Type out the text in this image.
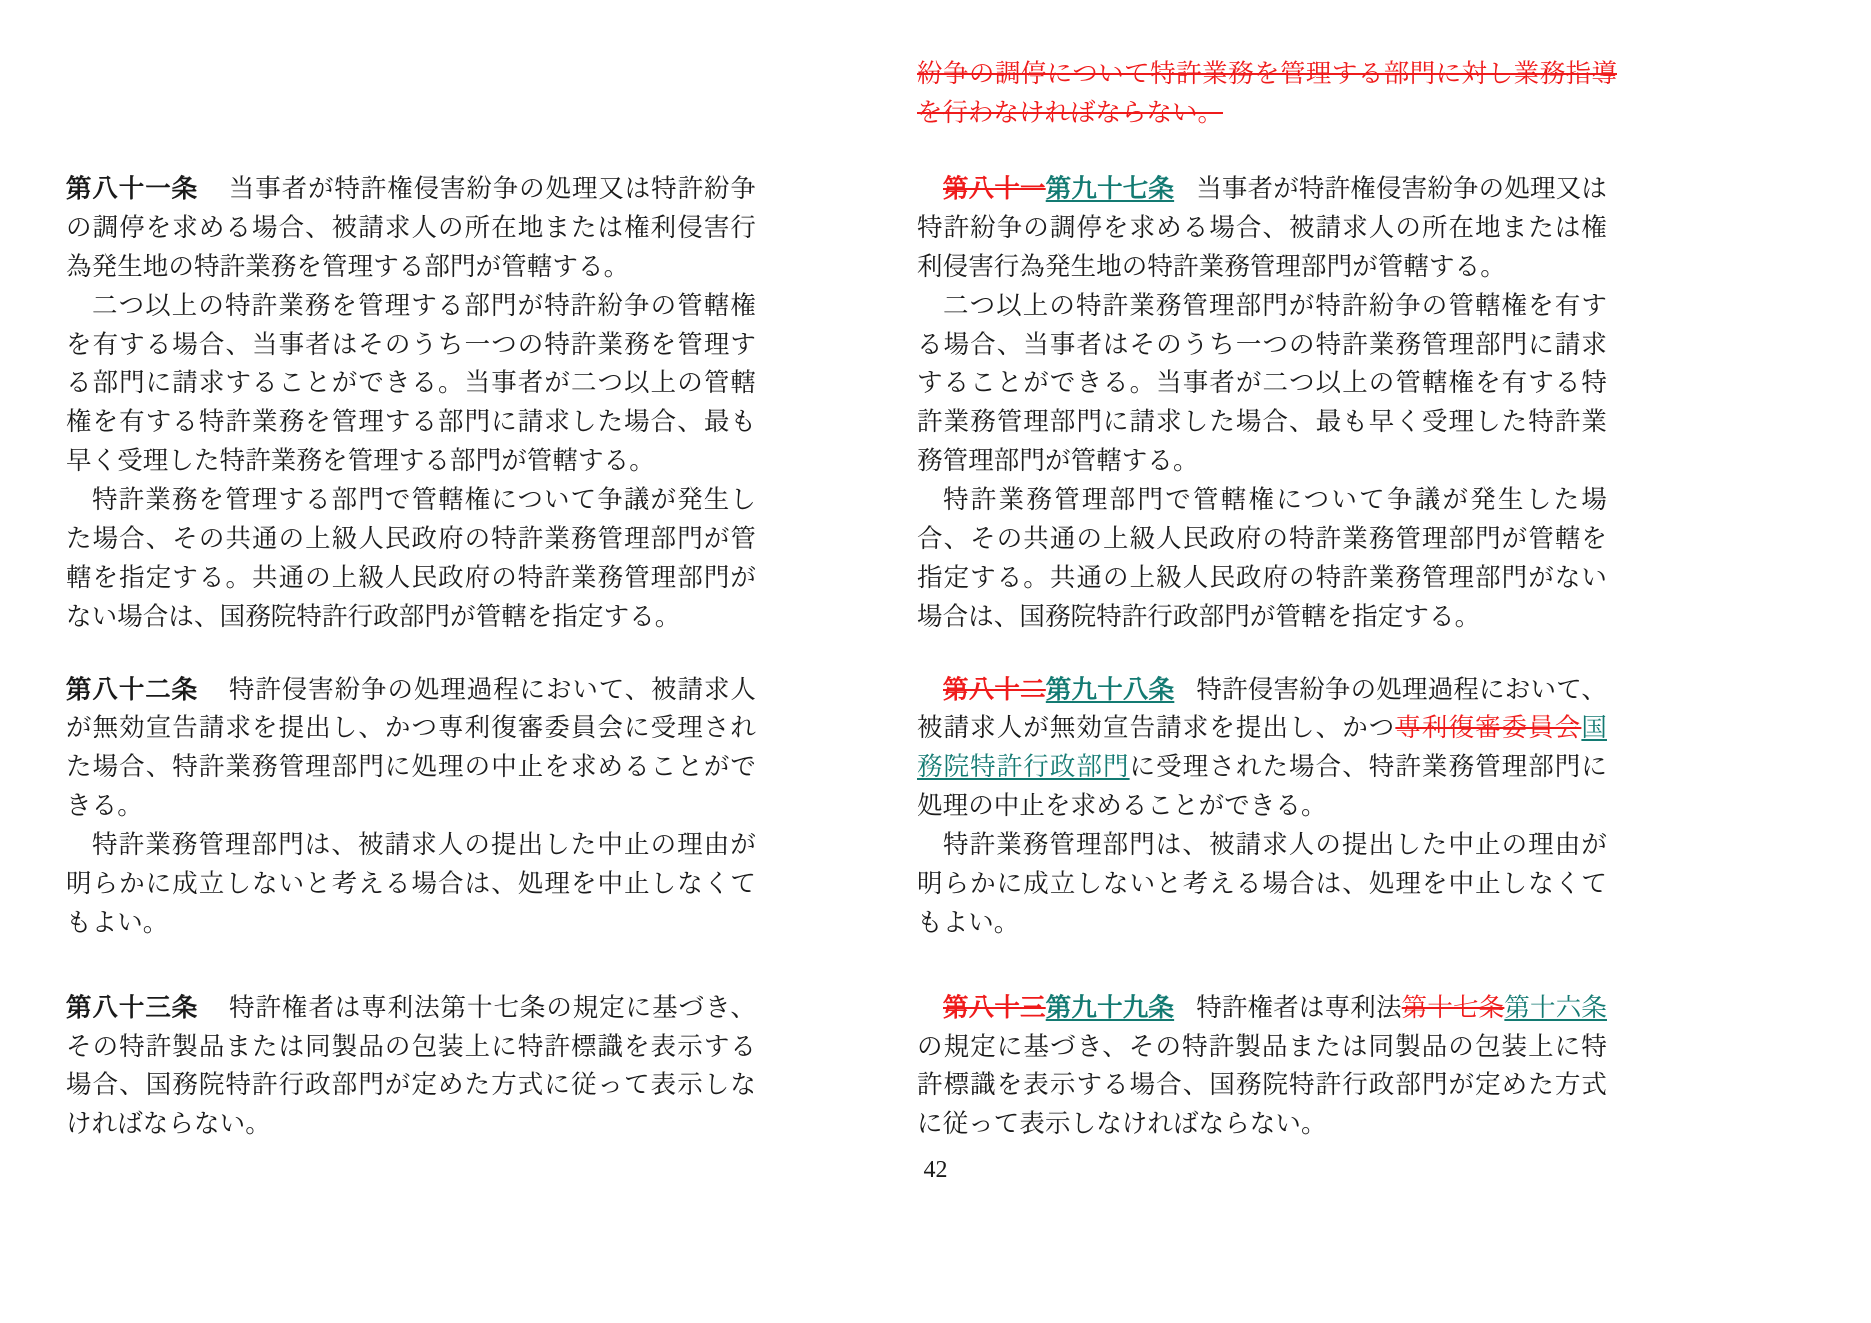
紛争の調停について特許業務を管理する部門に対し業務指導を行わなければならない。

第八十一条 当事者が特許権侵害紛争の処理又は特許紛争の調停を求める場合、被請求人の所在地または権利侵害行為発生地の特許業務を管理する部門が管轄する。

二つ以上の特許業務を管理する部門が特許紛争の管轄権を有する場合、当事者はそのうち一つの特許業務を管理する部門に請求することができる。当事者が二つ以上の管轄権を有する特許業務を管理する部門に請求した場合、最も早く受理した特許業務を管理する部門が管轄する。

特許業務を管理する部門で管轄権について争議が発生した場合、その共通の上級人民政府の特許業務管理部門が管轄を指定する。共通の上級人民政府の特許業務管理部門がない場合は、国務院特許行政部門が管轄を指定する。

第八十二条 特許侵害紛争の処理過程において、被請求人が無効宣告請求を提出し、かつ専利復審委員会に受理された場合、特許業務管理部門に処理の中止を求めることができる。

特許業務管理部門は、被請求人の提出した中止の理由が明らかに成立しないと考える場合は、処理を中止しなくてもよい。

第八十三条 特許権者は専利法第十七条の規定に基づき、その特許製品または同製品の包装上に特許標識を表示する場合、国務院特許行政部門が定めた方式に従って表示しなければならない。

第八十一第九十七条 当事者が特許権侵害紛争の処理又は特許紛争の調停を求める場合、被請求人の所在地または権利侵害行為発生地の特許業務管理部門が管轄する。

二つ以上の特許業務管理部門が特許紛争の管轄権を有する場合、当事者はそのうち一つの特許業務管理部門に請求することができる。当事者が二つ以上の管轄権を有する特許業務管理部門に請求した場合、最も早く受理した特許業務管理部門が管轄する。

特許業務管理部門で管轄権について争議が発生した場合、その共通の上級人民政府の特許業務管理部門が管轄を指定する。共通の上級人民政府の特許業務管理部門がない場合は、国務院特許行政部門が管轄を指定する。

第八十二第九十八条 特許侵害紛争の処理過程において、被請求人が無効宣告請求を提出し、かつ専利復審委員会国務院特許行政部門に受理された場合、特許業務管理部門に処理の中止を求めることができる。

特許業務管理部門は、被請求人の提出した中止の理由が明らかに成立しないと考える場合は、処理を中止しなくてもよい。

第八十三第九十九条 特許権者は専利法第十七条第十六条の規定に基づき、その特許製品または同製品の包装上に特許標識を表示する場合、国務院特許行政部門が定めた方式に従って表示しなければならない。

42
